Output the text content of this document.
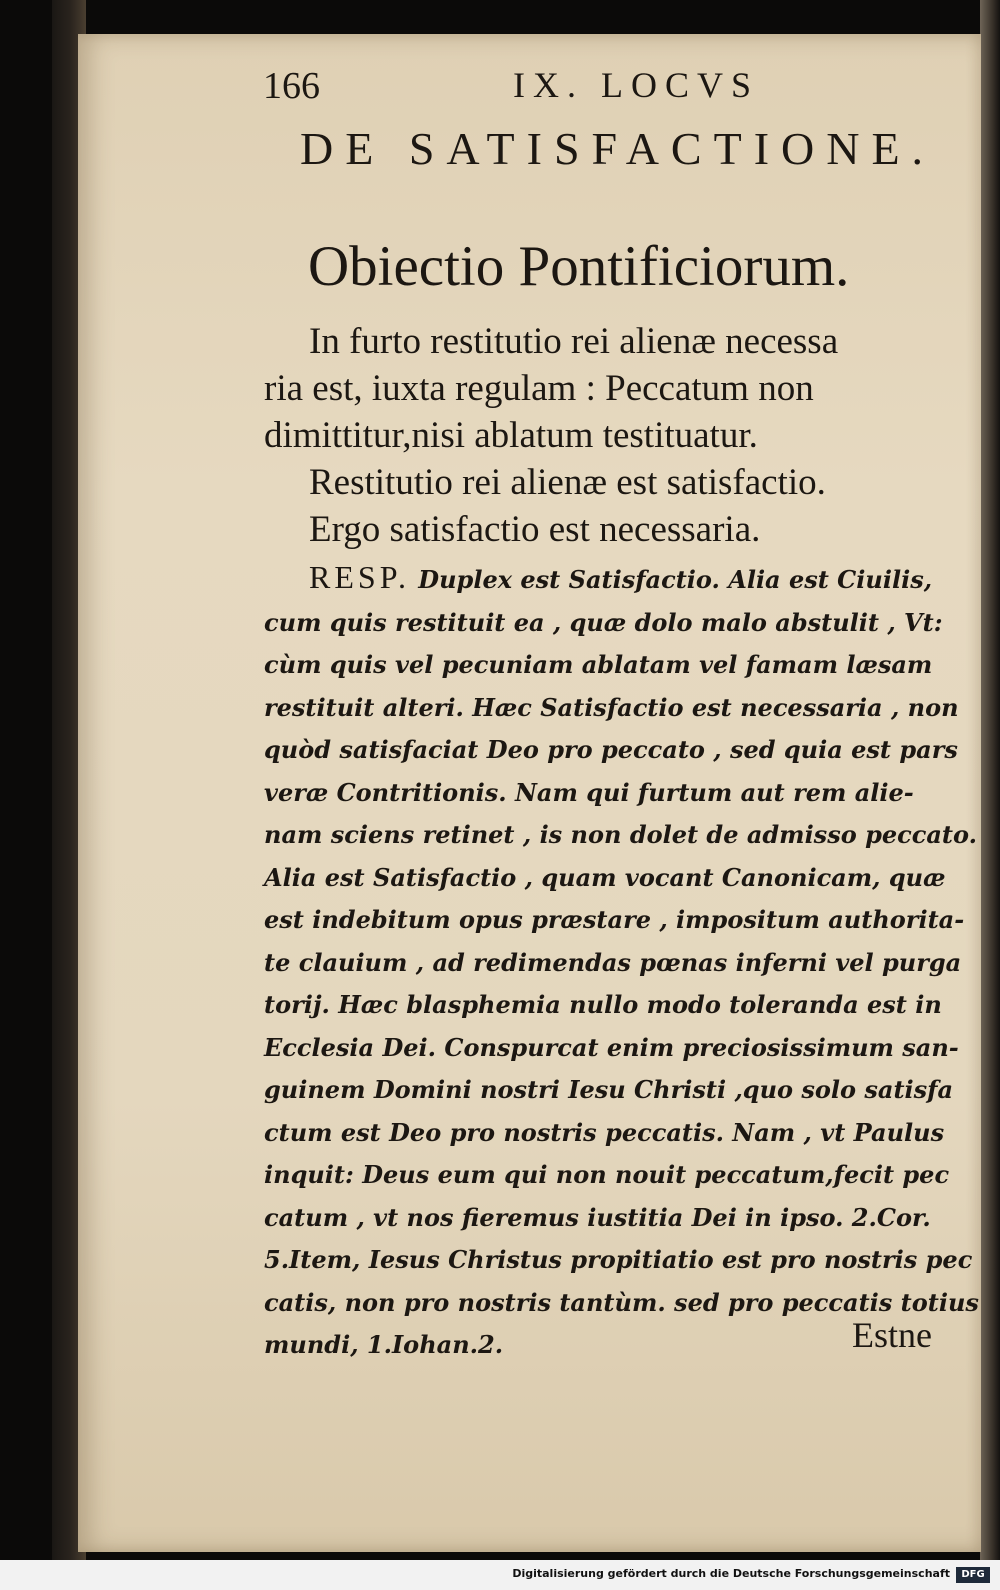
166	IX. LOCVS
DE SATISFACTIONE.
Obiectio Pontificiorum.
In furto restitutio rei alienæ necessa
ria est, iuxta regulam : Peccatum non
dimittitur,nisi ablatum testituatur.
Restitutio rei alienæ est satisfactio.
Ergo satisfactio est necessaria.
RESP. Duplex est Satisfactio. Alia est Ciuilis,
cum quis restituit ea , quæ dolo malo abstulit , Vt:
cùm quis vel pecuniam ablatam vel famam læsam
restituit alteri. Hæc Satisfactio est necessaria , non
quòd satisfaciat Deo pro peccato , sed quia est pars
veræ Contritionis. Nam qui furtum aut rem alie-
nam sciens retinet , is non dolet de admisso peccato.
Alia est Satisfactio , quam vocant Canonicam, quæ
est indebitum opus præstare , impositum authorita-
te clauium , ad redimendas pœnas inferni vel purga
torij. Hæc blasphemia nullo modo toleranda est in
Ecclesia Dei. Conspurcat enim preciosissimum san-
guinem Domini nostri Iesu Christi ,quo solo satisfa
ctum est Deo pro nostris peccatis. Nam , vt Paulus
inquit: Deus eum qui non nouit peccatum,fecit pec
catum , vt nos fieremus iustitia Dei in ipso. 2.Cor.
5.Item, Iesus Christus propitiatio est pro nostris pec
catis, non pro nostris tantùm. sed pro peccatis totius
mundi, 1.Iohan.2.	Estne
Digitalisierung gefördert durch die Deutsche Forschungsgemeinschaft	DFG
